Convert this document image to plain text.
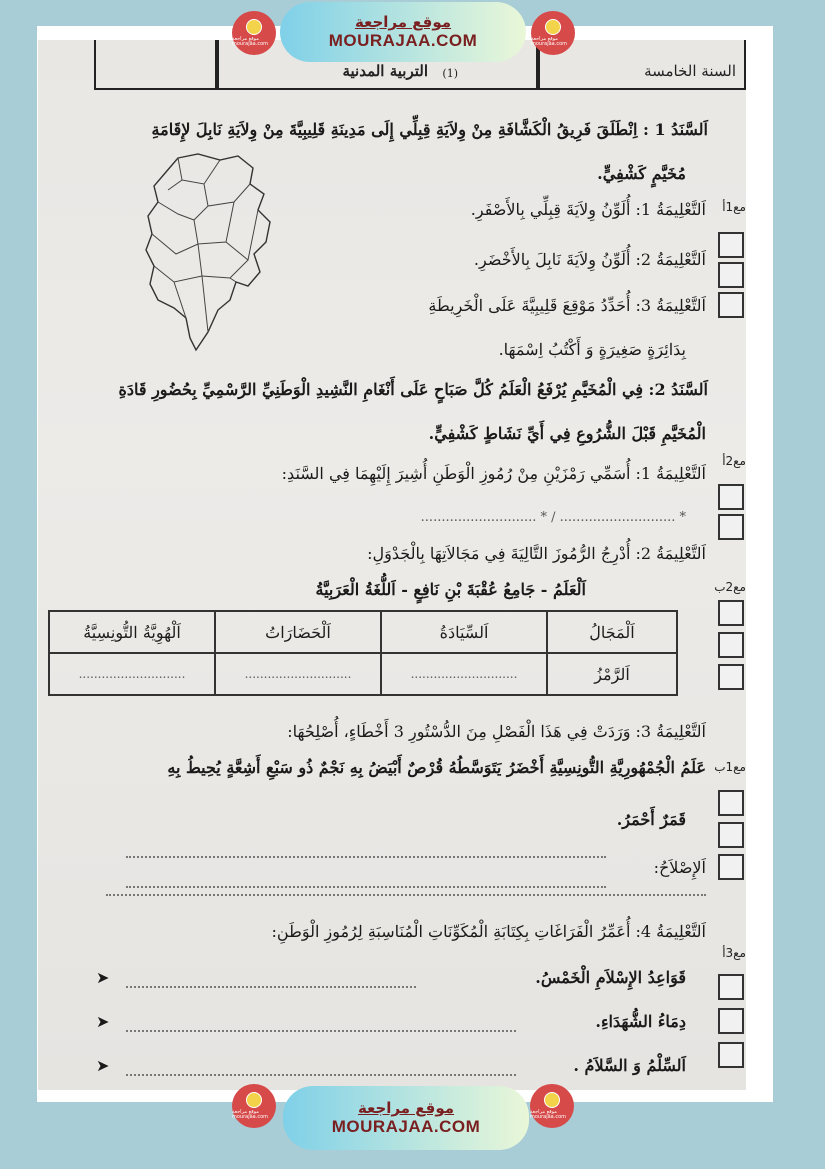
السنة الخامسة
التربية المدنية (1)
اَلسَّنَدُ 1 : اِنْطَلَقَ فَرِيقُ الْكَشَّافَةِ مِنْ وِلاَيَةِ قِبِلِّي إِلَى مَدِينَةِ قَلِيبِيَّةَ مِنْ وِلاَيَةِ نَابِلَ لإِقَامَةِ
مُخَيَّمٍ كَشْفِيٍّ.
اَلتَّعْلِيمَةُ 1: أُلَوِّنُ وِلاَيَةَ قِبِلِّي بِالأَصْفَرِ.
اَلتَّعْلِيمَةُ 2: أُلَوِّنُ وِلاَيَةَ نَابِلَ بِالأَخْضَرِ.
اَلتَّعْلِيمَةُ 3: أُحَدِّدُ مَوْقِعَ قَلِيبِيَّةَ عَلَى الْخَرِيطَةِ
بِدَائِرَةٍ صَغِيرَةٍ وَ أَكْتُبُ اِسْمَهَا.
اَلسَّنَدُ 2: فِي الْمُخَيَّمِ يُرْفَعُ الْعَلَمُ كُلَّ صَبَاحٍ عَلَى أَنْغَامِ النَّشِيدِ الْوَطَنِيِّ الرَّسْمِيِّ بِحُضُورِ قَادَةِ
الْمُخَيَّمِ قَبْلَ الشُّرُوعِ فِي أَيِّ نَشَاطٍ كَشْفِيٍّ.
اَلتَّعْلِيمَةُ 1: أُسَمِّي رَمْزَيْنِ مِنْ رُمُوزِ الْوَطَنِ أُشِيرَ إِلَيْهِمَا فِي السَّنَدِ:
* ............................ / * ............................
اَلتَّعْلِيمَةُ 2: أُدْرِجُ الرُّمُوزَ التَّالِيَةَ فِي مَجَالاَتِهَا بِالْجَدْوَلِ:
اَلْعَلَمُ - جَامِعُ عُقْبَةَ بْنِ نَافِعٍ - اَللُّغَةُ الْعَرَبِيَّةُ
اَلْمَجَالُ	اَلسِّيَادَةُ	اَلْحَضَارَاتُ	اَلْهُوِيَّةُ التُّونِسِيَّةُ
اَلرَّمْزُ	............................	............................	............................
اَلتَّعْلِيمَةُ 3: وَرَدَتْ فِي هَذَا الْفَصْلِ مِنَ الدُّسْتُورِ 3 أَخْطَاءٍ، أُصْلِحُهَا:
عَلَمُ الْجُمْهُورِيَّةِ التُّونِسِيَّةِ أَخْضَرُ يَتَوَسَّطُهُ قُرْصٌ أَبْيَضُ بِهِ نَجْمٌ ذُو سَبْعِ أَشِعَّةٍ يُحِيطُ بِهِ
قَمَرٌ أَحْمَرُ.
اَلإِصْلاَحُ:
اَلتَّعْلِيمَةُ 4: أُعَمِّرُ الْفَرَاغَاتِ بِكِتَابَةِ الْمُكَوِّنَاتِ الْمُنَاسِبَةِ لِرُمُوزِ الْوَطَنِ:
قَوَاعِدُ الإِسْلاَمِ الْخَمْسُ.
➤
دِمَاءُ الشُّهَدَاءِ.
➤
اَلسِّلْمُ وَ السَّلاَمُ .
➤
مع1أ
مع2أ
مع2ب
مع1ب
مع3أ
موقع مراجعة mourajaa.com
موقع مراجعة
MOURAJAA.COM	موقع مراجعة mourajaa.com
موقع مراجعة mourajaa.com	موقع مراجعة
MOURAJAA.COM
موقع مراجعة mourajaa.com
